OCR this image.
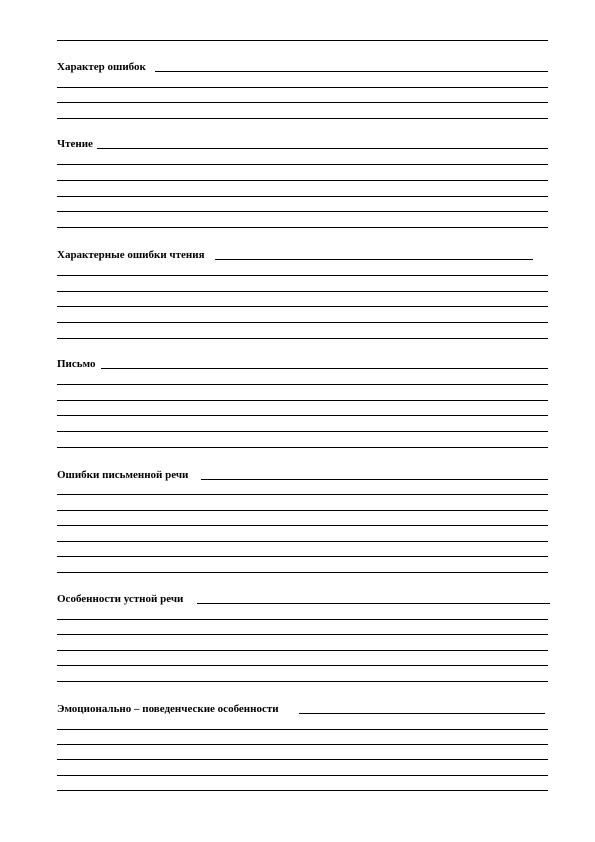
Характер ошибок
Чтение
Характерные ошибки чтения
Письмо
Ошибки письменной речи
Особенности устной речи
Эмоционально – поведенческие особенности
